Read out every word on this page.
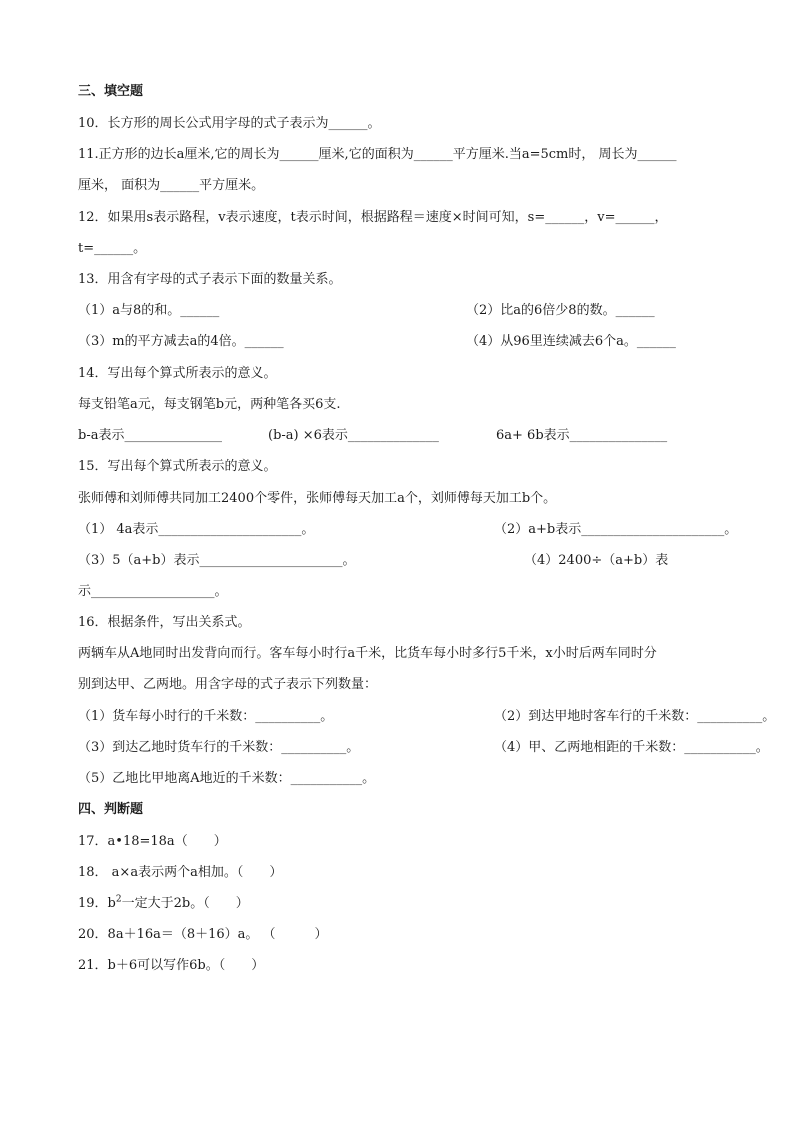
三、填空题
10．长方形的周长公式用字母的式子表示为______。
11.正方形的边长a厘米,它的周长为______厘米,它的面积为______平方厘米.当a=5cm时， 周长为______
厘米， 面积为______平方厘米。
12．如果用s表示路程，v表示速度，t表示时间，根据路程＝速度×时间可知，s=______，v=______，
t=______。
13．用含有字母的式子表示下面的数量关系。
（1）a与8的和。______	（2）比a的6倍少8的数。______
（3）m的平方减去a的4倍。______	（4）从96里连续减去6个a。______
14．写出每个算式所表示的意义。
每支铅笔a元，每支钢笔b元，两种笔各买6支.
b-a表示_______________	(b-a) ×6表示______________	6a+ 6b表示_______________
15．写出每个算式所表示的意义。
张师傅和刘师傅共同加工2400个零件，张师傅每天加工a个，刘师傅每天加工b个。
（1） 4a表示______________________。	（2）a+b表示______________________。
（3）5（a+b）表示______________________。	（4）2400÷（a+b）表
示___________________。
16．根据条件，写出关系式。
两辆车从A地同时出发背向而行。客车每小时行a千米，比货车每小时多行5千米，x小时后两车同时分
别到达甲、乙两地。用含字母的式子表示下列数量：
（1）货车每小时行的千米数：__________。	（2）到达甲地时客车行的千米数：__________。
（3）到达乙地时货车行的千米数：__________。	（4）甲、乙两地相距的千米数：___________。
（5）乙地比甲地离A地近的千米数：___________。
四、判断题
17．a•18=18a（　　）
18． a×a表示两个a相加。（　　）
19．$b^2$一定大于2b。（　　）
20．8a＋16a＝（8＋16）a。 （　　　）
21．b＋6可以写作6b。（　　）
